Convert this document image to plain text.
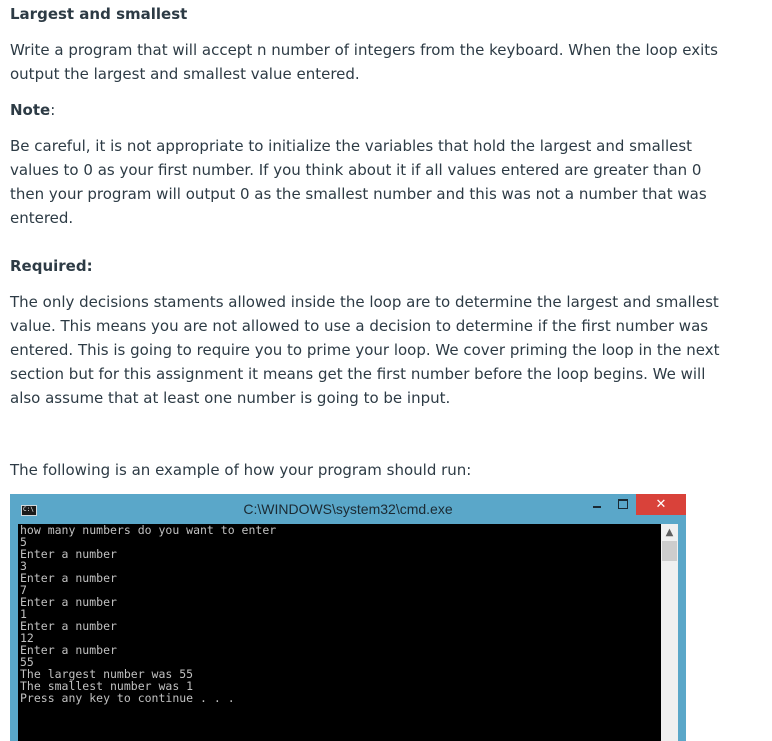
Largest and smallest
Write a program that will accept n number of integers from the keyboard. When the loop exits output the largest and smallest value entered.
Note:
Be careful, it is not appropriate to initialize the variables that hold the largest and smallest values to 0 as your first number. If you think about it if all values entered are greater than 0 then your program will output 0 as the smallest number and this was not a number that was entered.
Required:
The only decisions staments allowed inside the loop are to determine the largest and smallest value. This means you are not allowed to use a decision to determine if the first number was entered. This is going to require you to prime your loop. We cover priming the loop in the next section but for this assignment it means get the first number before the loop begins. We will also assume that at least one number is going to be input.
The following is an example of how your program should run:
C:\	C:\WINDOWS\system32\cmd.exe	✕
how many numbers do you want to enter
5
Enter a number
3
Enter a number
7
Enter a number
1
Enter a number
12
Enter a number
55
The largest number was 55
The smallest number was 1
Press any key to continue . . .
▲
